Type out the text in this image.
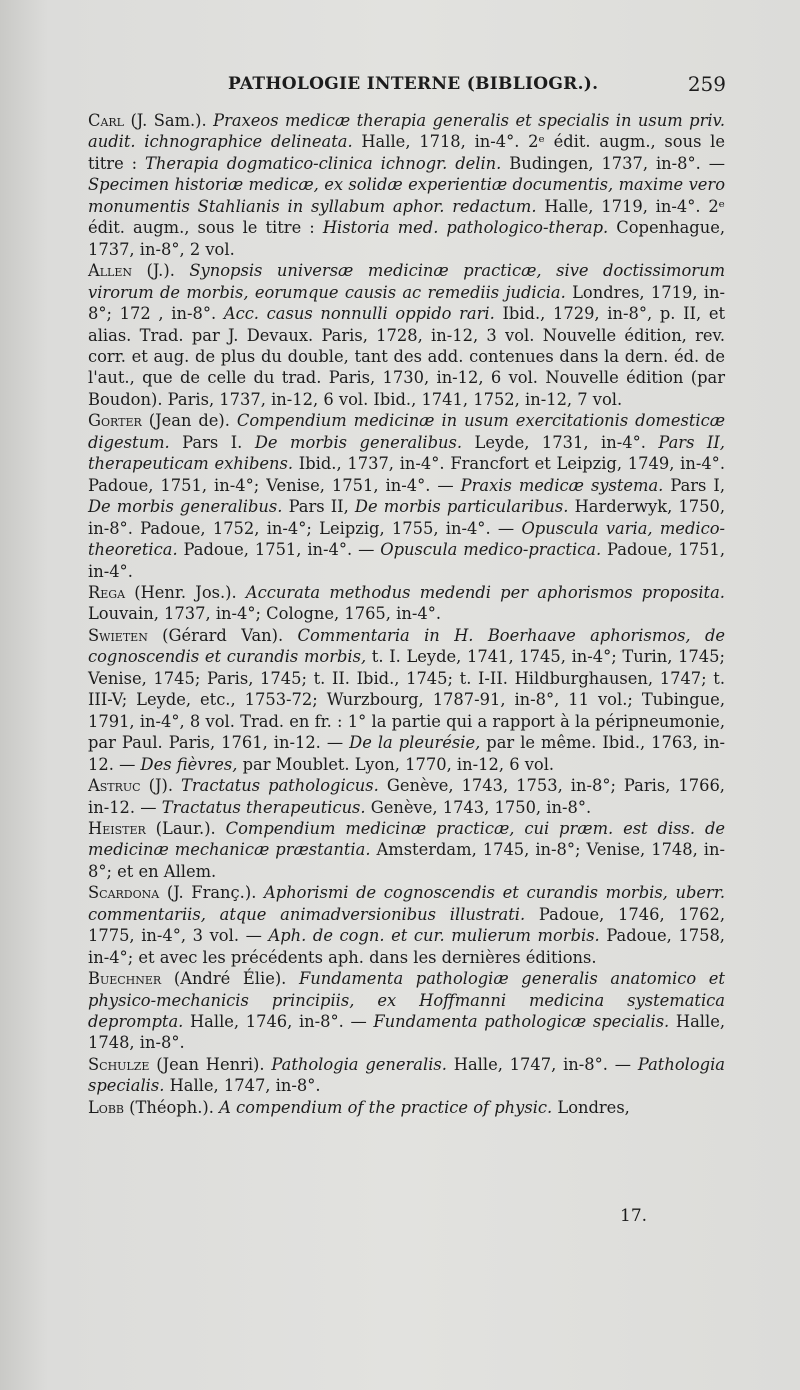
PATHOLOGIE INTERNE (BIBLIOGR.).	259

Carl (J. Sam.). Praxeos medicæ therapia generalis et specialis in usum priv. audit. ichnographice delineata. Halle, 1718, in-4°. 2ᵉ édit. augm., sous le titre : Therapia dogmatico-clinica ichnogr. delin. Budingen, 1737, in-8°. — Specimen historiæ medicæ, ex solidæ experientiæ documentis, maxime vero monumentis Stahlianis in syllabum aphor. redactum. Halle, 1719, in-4°. 2ᵉ édit. augm., sous le titre : Historia med. pathologico-therap. Copenhague, 1737, in-8°, 2 vol.

Allen (J.). Synopsis universæ medicinæ practicæ, sive doctissimorum virorum de morbis, eorumque causis ac remediis judicia. Londres, 1719, in-8°; 172 , in-8°. Acc. casus nonnulli oppido rari. Ibid., 1729, in-8°, p. II, et alias. Trad. par J. Devaux. Paris, 1728, in-12, 3 vol. Nouvelle édition, rev. corr. et aug. de plus du double, tant des add. contenues dans la dern. éd. de l'aut., que de celle du trad. Paris, 1730, in-12, 6 vol. Nouvelle édition (par Boudon). Paris, 1737, in-12, 6 vol. Ibid., 1741, 1752, in-12, 7 vol.

Gorter (Jean de). Compendium medicinæ in usum exercitationis domesticæ digestum. Pars I. De morbis generalibus. Leyde, 1731, in-4°. Pars II, therapeuticam exhibens. Ibid., 1737, in-4°. Francfort et Leipzig, 1749, in-4°. Padoue, 1751, in-4°; Venise, 1751, in-4°. — Praxis medicæ systema. Pars I, De morbis generalibus. Pars II, De morbis particularibus. Harderwyk, 1750, in-8°. Padoue, 1752, in-4°; Leipzig, 1755, in-4°. — Opuscula varia, medico-theoretica. Padoue, 1751, in-4°. — Opuscula medico-practica. Padoue, 1751, in-4°.

Rega (Henr. Jos.). Accurata methodus medendi per aphorismos proposita. Louvain, 1737, in-4°; Cologne, 1765, in-4°.

Swieten (Gérard Van). Commentaria in H. Boerhaave aphorismos, de cognoscendis et curandis morbis, t. I. Leyde, 1741, 1745, in-4°; Turin, 1745; Venise, 1745; Paris, 1745; t. II. Ibid., 1745; t. I-II. Hildburghausen, 1747; t. III-V; Leyde, etc., 1753-72; Wurzbourg, 1787-91, in-8°, 11 vol.; Tubingue, 1791, in-4°, 8 vol. Trad. en fr. : 1° la partie qui a rapport à la péripneumonie, par Paul. Paris, 1761, in-12. — De la pleurésie, par le même. Ibid., 1763, in-12. — Des fièvres, par Moublet. Lyon, 1770, in-12, 6 vol.

Astruc (J). Tractatus pathologicus. Genève, 1743, 1753, in-8°; Paris, 1766, in-12. — Tractatus therapeuticus. Genève, 1743, 1750, in-8°.

Heister (Laur.). Compendium medicinæ practicæ, cui præm. est diss. de medicinæ mechanicæ præstantia. Amsterdam, 1745, in-8°; Venise, 1748, in-8°; et en Allem.

Scardona (J. Franç.). Aphorismi de cognoscendis et curandis morbis, uberr. commentariis, atque animadversionibus illustrati. Padoue, 1746, 1762, 1775, in-4°, 3 vol. — Aph. de cogn. et cur. mulierum morbis. Padoue, 1758, in-4°; et avec les précédents aph. dans les dernières éditions.

Buechner (André Élie). Fundamenta pathologiæ generalis anatomico et physico-mechanicis principiis, ex Hoffmanni medicina systematica deprompta. Halle, 1746, in-8°. — Fundamenta pathologicæ specialis. Halle, 1748, in-8°.

Schulze (Jean Henri). Pathologia generalis. Halle, 1747, in-8°. — Pathologia specialis. Halle, 1747, in-8°.

Lobb (Théoph.). A compendium of the practice of physic. Londres,

17.
